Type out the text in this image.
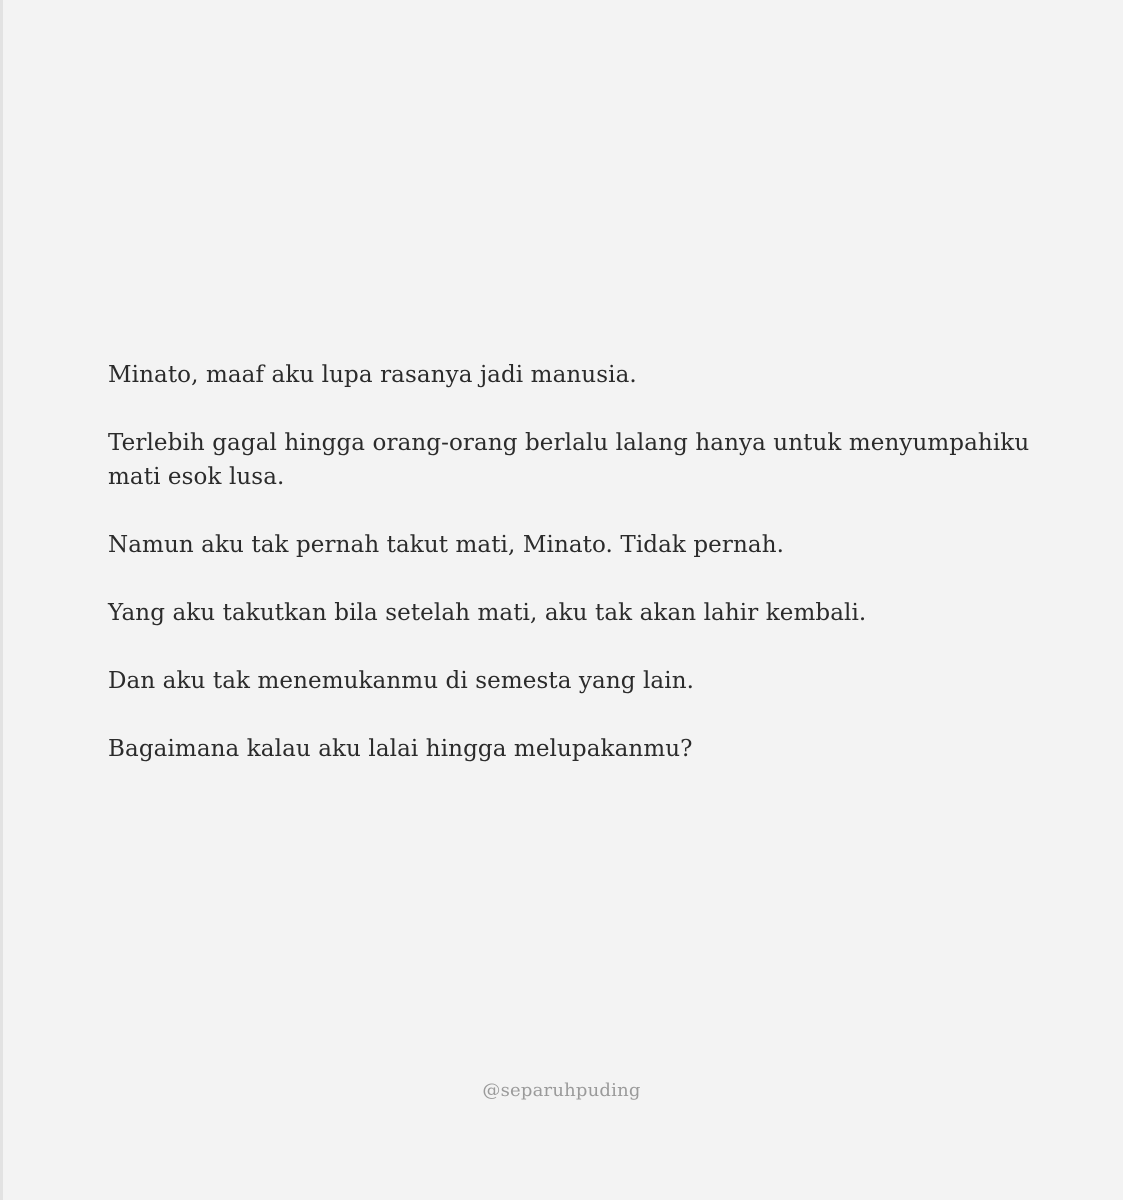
Minato, maaf aku lupa rasanya jadi manusia.

Terlebih gagal hingga orang-orang berlalu lalang hanya untuk menyumpahiku
mati esok lusa.

Namun aku tak pernah takut mati, Minato. Tidak pernah.

Yang aku takutkan bila setelah mati, aku tak akan lahir kembali.

Dan aku tak menemukanmu di semesta yang lain.

Bagaimana kalau aku lalai hingga melupakanmu?

@separuhpuding
